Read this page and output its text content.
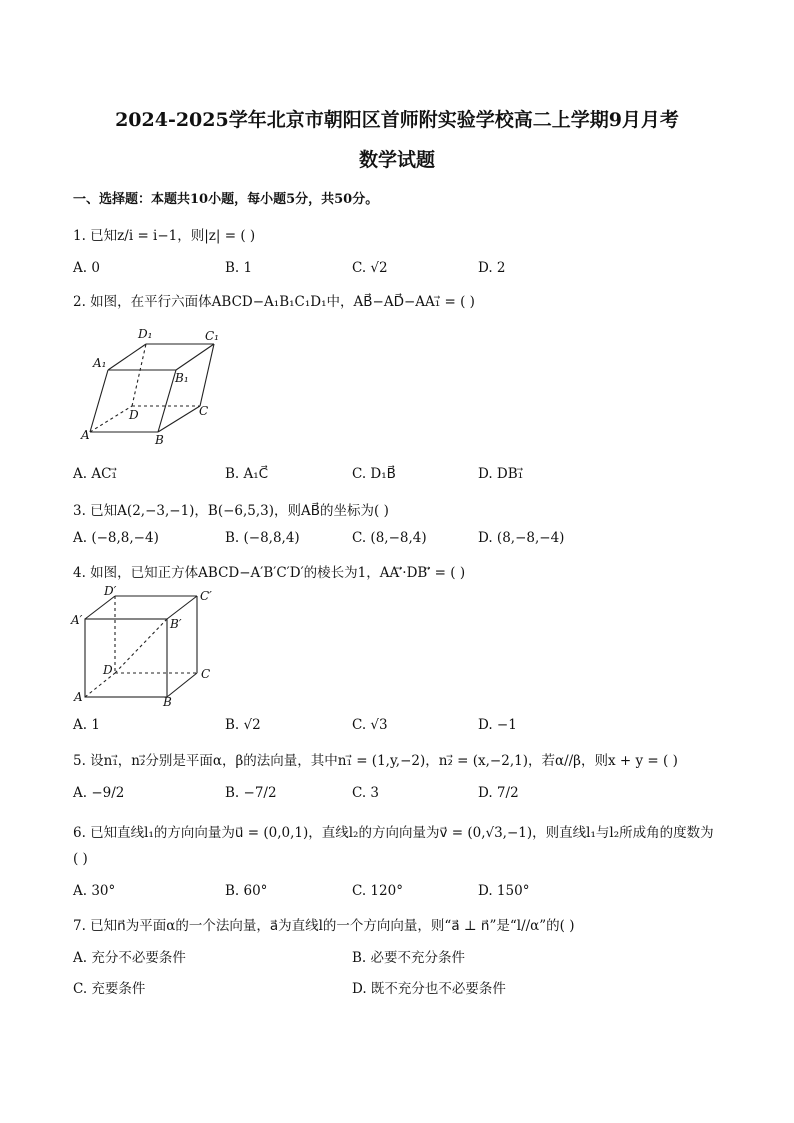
2024-2025学年北京市朝阳区首师附实验学校高二上学期9月月考
数学试题
一、选择题：本题共10小题，每小题5分，共50分。
1. 已知z/i = i−1，则|z| = ( )
A. 0	B. 1	C. √2	D. 2
2. 如图，在平行六面体ABCD−A₁B₁C₁D₁中，AB⃗−AD⃗−AA₁⃗ = ( )
D₁	C₁
A₁
B₁
D	C
A	B
A. AC₁⃗	B. A₁C⃗	C. D₁B⃗	D. DB₁⃗
3. 已知A(2,−3,−1)，B(−6,5,3)，则AB⃗的坐标为( )
A. (−8,8,−4)	B. (−8,8,4)	C. (8,−8,4)	D. (8,−8,−4)
4. 如图，已知正方体ABCD−A′B′C′D′的棱长为1，AA′⃗·DB′⃗ = ( )
D′	C′
A′	B′
D	C
A	B
A. 1	B. √2	C. √3	D. −1
5. 设n₁⃗，n₂⃗分别是平面α，β的法向量，其中n₁⃗ = (1,y,−2)，n₂⃗ = (x,−2,1)，若α//β，则x + y = ( )
A. −9/2	B. −7/2	C. 3	D. 7/2
6. 已知直线l₁的方向向量为u⃗ = (0,0,1)，直线l₂的方向向量为v⃗ = (0,√3,−1)，则直线l₁与l₂所成角的度数为
( )
A. 30°	B. 60°	C. 120°	D. 150°
7. 已知n⃗为平面α的一个法向量，a⃗为直线l的一个方向向量，则“a⃗ ⊥ n⃗”是“l//α”的( )
A. 充分不必要条件	B. 必要不充分条件
C. 充要条件	D. 既不充分也不必要条件
